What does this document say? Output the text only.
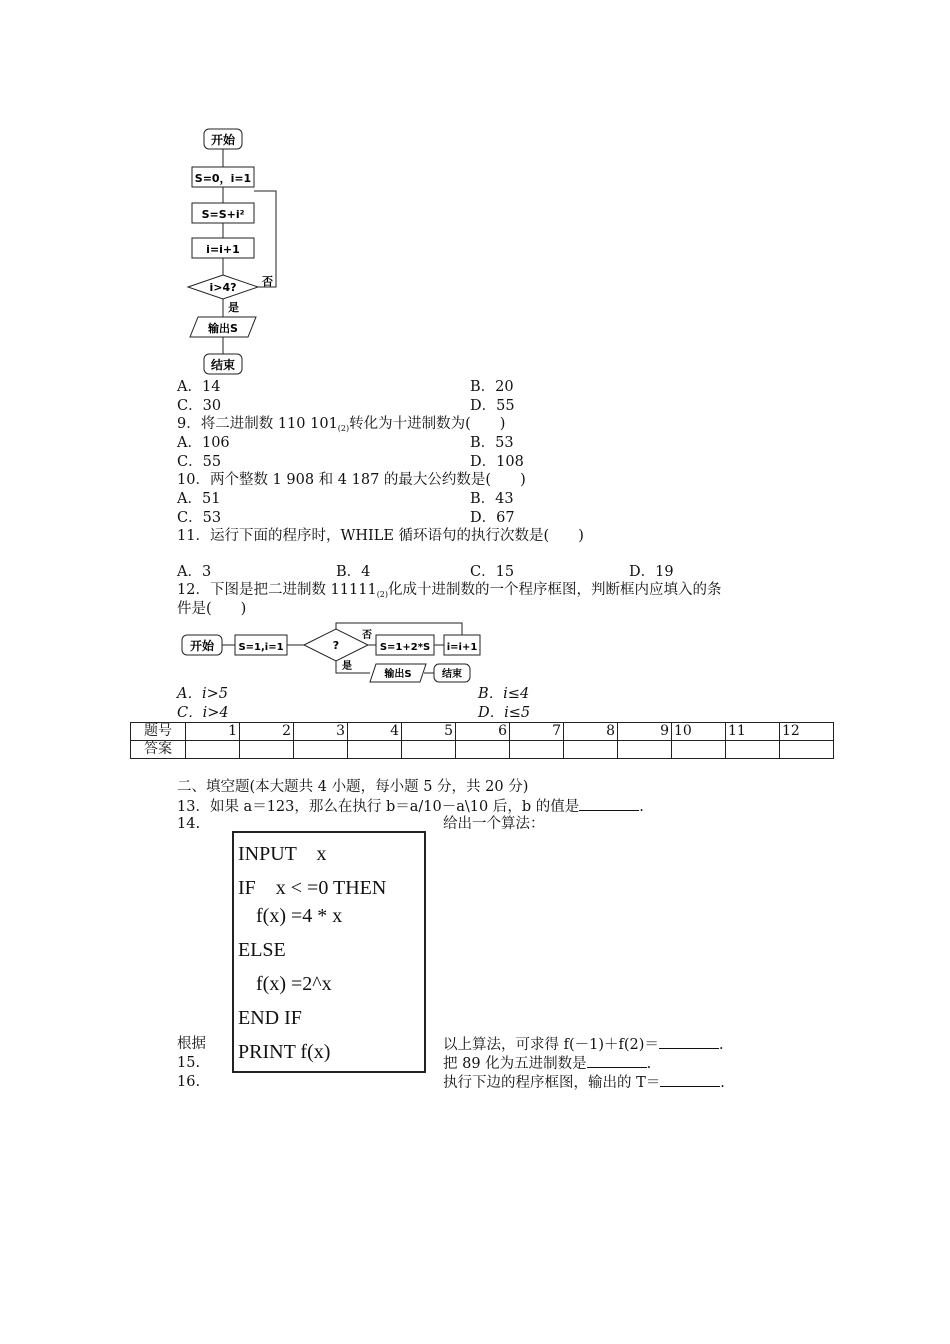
开始
S=0，i=1
S=S+i²
i=i+1
i>4? 否
是
输出S
结束
A．14	B．20
C．30	D．55
9．将二进制数 110 $101_{(2)}$转化为十进制数为(　　)
A．106	B．53
C．55	D．108
10．两个整数 1 908 和 4 187 的最大公约数是(　　)
A．51	B．43
C．53	D．67
11．运行下面的程序时，WHILE 循环语句的执行次数是(　　)
A．3	B．4	C．15	D．19
12．下图是把二进制数 $11111_{(2)}$化成十进制数的一个程序框图，判断框内应填入的条
件是(　　)
开始 S=1,i=1	?
否
S=1+2*S i=i+1
是
输出S	结束
A．i>5	B．i≤4
C．i>4	D．i≤5
题号	1	2	3	4	5	6	7	8	9	10	11	12
答案												
二、填空题(本大题共 4 小题，每小题 5 分，共 20 分)
13．如果 a＝123，那么在执行 b＝a/10－a\10 后，b 的值是	.
14.	给出一个算法：
INPUT　x
IF　x < =0 THEN
f(x) =4 * x
ELSE
f(x) =2^x
END IF
PRINT f(x)
根据	以上算法，可求得 f(－1)＋f(2)＝	.
15.	把 89 化为五进制数是	.
16.	执行下边的程序框图，输出的 T＝	.
